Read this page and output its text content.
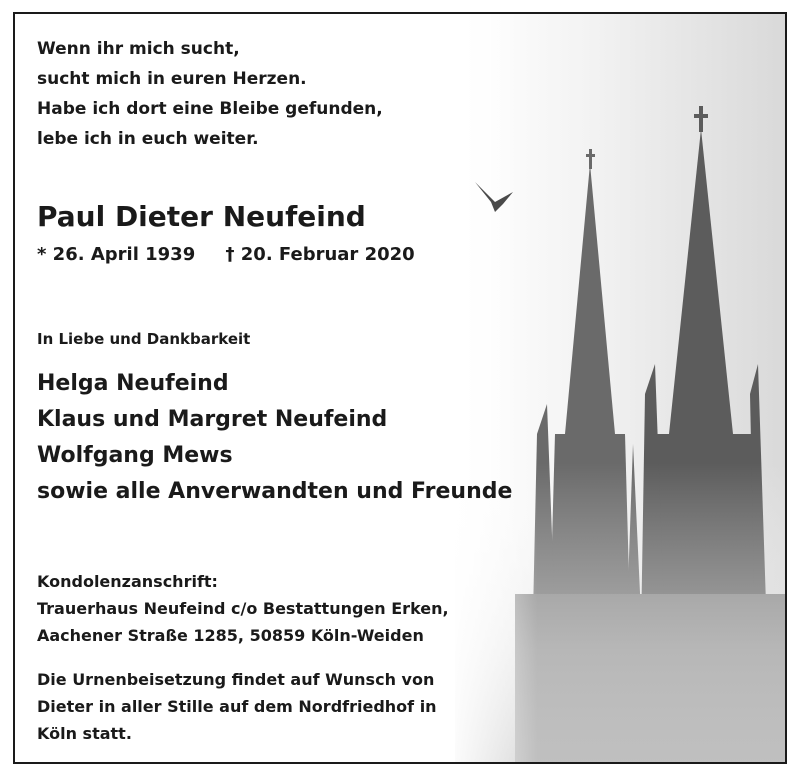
Wenn ihr mich sucht,
sucht mich in euren Herzen.
Habe ich dort eine Bleibe gefunden,
lebe ich in euch weiter.
Paul Dieter Neufeind
* 26. April 1939 † 20. Februar 2020
In Liebe und Dankbarkeit
Helga Neufeind
Klaus und Margret Neufeind
Wolfgang Mews
sowie alle Anverwandten und Freunde
Kondolenzanschrift:
Trauerhaus Neufeind c/o Bestattungen Erken,
Aachener Straße 1285, 50859 Köln-Weiden
Die Urnenbeisetzung findet auf Wunsch von
Dieter in aller Stille auf dem Nordfriedhof in
Köln statt.
